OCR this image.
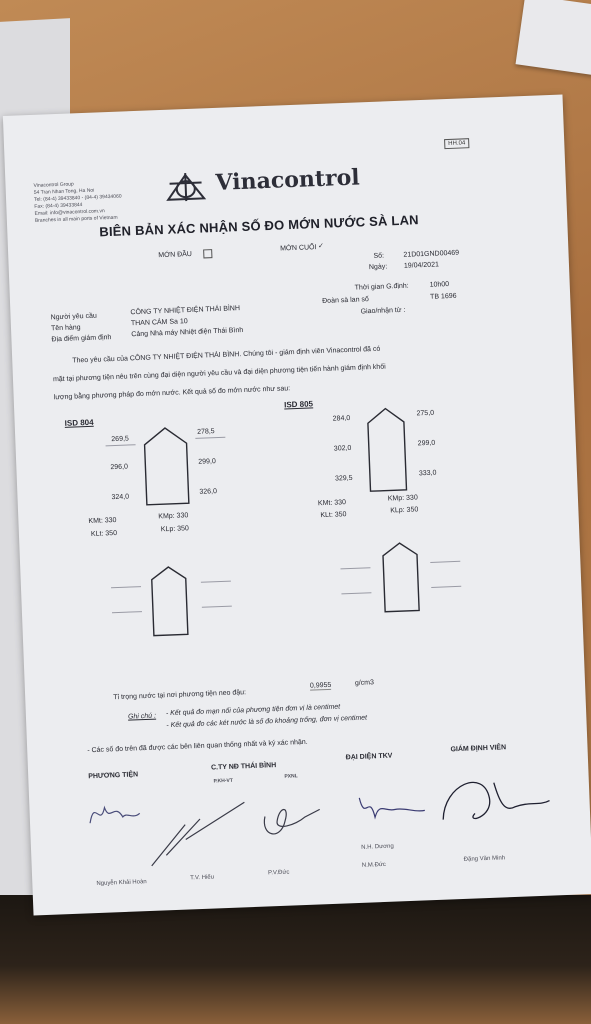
Vinacontrol Group
54 Tran Nhan Tong, Ha Noi
Tel: (84-4) 39433840 - (84-4) 39434060
Fax: (84-4) 39433844
Email: info@vinacontrol.com.vn
Branches in all main ports of Vietnam
Vinacontrol
HH.04
BIÊN BẢN XÁC NHẬN SỐ ĐO MỚN NƯỚC SÀ LAN
MỚN ĐẦU
MỚN CUỐI ✓
Số:	21D01GND00469
Ngày: 19/04/2021
Thời gian G.định:	10h00
Đoàn sà lan số	TB 1696
Giao/nhận từ :
Người yêu cầu
CÔNG TY NHIỆT ĐIỆN THÁI BÌNH
Tên hàng
THAN CÁM Sa 10
Địa điểm giám định
Cảng Nhà máy Nhiệt điện Thái Bình
Theo yêu cầu của CÔNG TY NHIỆT ĐIỆN THÁI BÌNH. Chúng tôi - giám định viên Vinacontrol đã có
mặt tại phương tiện nêu trên cùng đại diện người yêu cầu và đại diện phương tiện tiến hành giám định khối
lượng bằng phương pháp đo mớn nước. Kết quả số đo mớn nước như sau:
ISD 804
269,5
296,0
324,0
278,5
299,0
326,0
KMt: 330
KMp: 330
KLt: 350
KLp: 350
ISD 805
284,0
302,0
329,5
275,0
299,0
333,0
KMt: 330
KMp: 330
KLt: 350
KLp: 350
Tỉ trọng nước tại nơi phương tiện neo đậu:
0,9955	g/cm3
Ghi chú : - Kết quả đo mạn nổi của phương tiện đơn vị là centimet
- Kết quả đo các két nước là số đo khoảng trống, đơn vị centimet
- Các số đo trên đã được các bên liên quan thống nhất và ký xác nhận.
PHƯƠNG TIỆN
C.TY NĐ THÁI BÌNH
P.KH-VT
PXNL
ĐẠI DIỆN TKV
GIÁM ĐỊNH VIÊN
Nguyễn Khải Hoàn
T.V. Hiếu
P.V.Đức
N.H. Dương
N.M.Đức
Đặng Văn Minh
